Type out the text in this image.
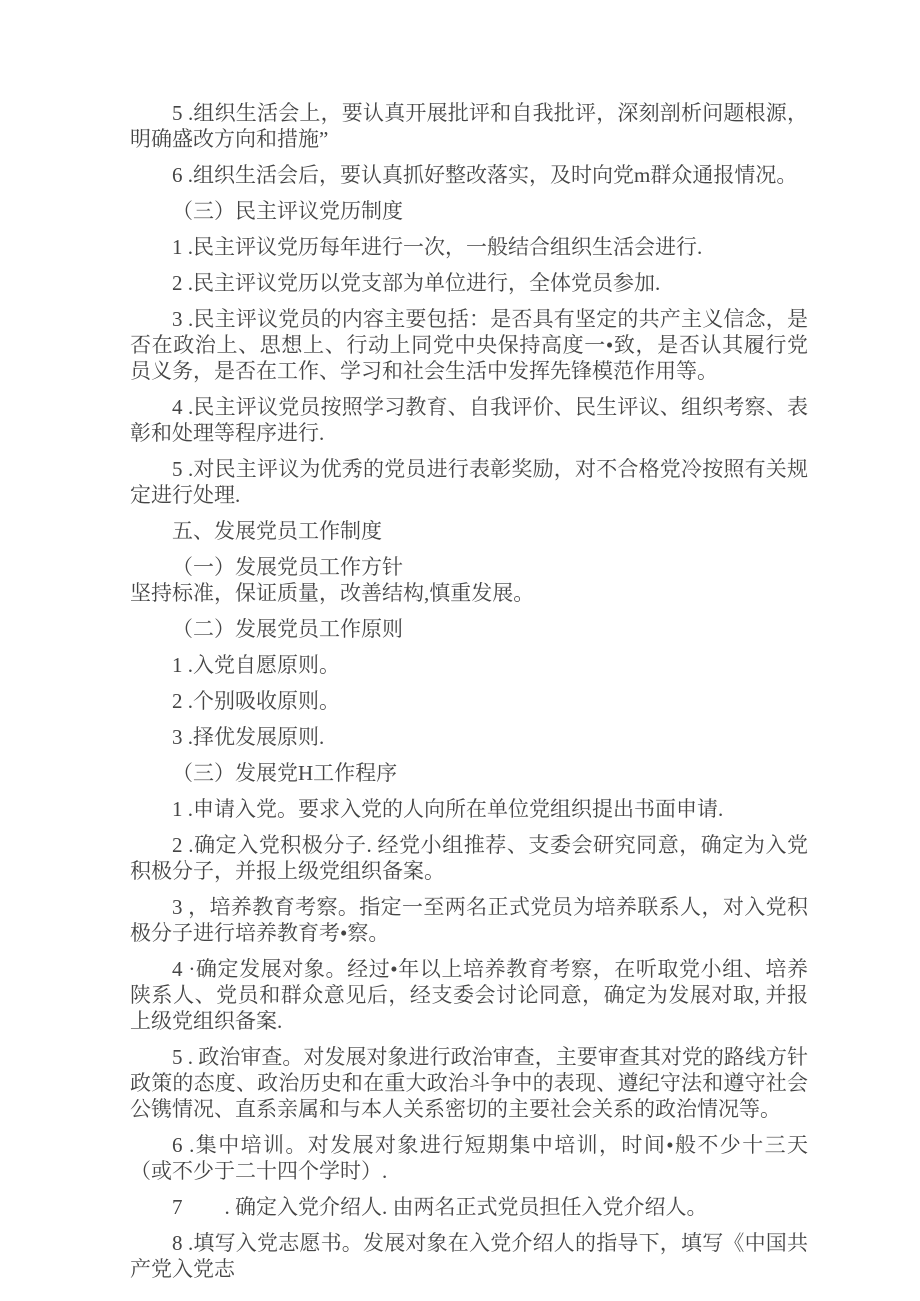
5 .组织生活会上，要认真开展批评和自我批评，深刻剖析问题根源，明确盛改方向和措施”

6 .组织生活会后，要认真抓好整改落实，及时向党m群众通报情况。

（三）民主评议党历制度

1 .民主评议党历每年进行一次，一般结合组织生活会进行.

2 .民主评议党历以党支部为单位进行，全体党员参加.

3 .民主评议党员的内容主要包括：是否具有坚定的共产主义信念，是否在政治上、思想上、行动上同党中央保持高度一•致，是否认其履行党员义务，是否在工作、学习和社会生活中发挥先锋模范作用等。

4 .民主评议党员按照学习教育、自我评价、民生评议、组织考察、表彰和处理等程序进行.

5 .对民主评议为优秀的党员进行表彰奖励，对不合格党冷按照有关规定进行处理.

五、发展党员工作制度

（一）发展党员工作方针

坚持标准，保证质量，改善结构,慎重发展。

（二）发展党员工作原则

1 .入党自愿原则。

2 .个别吸收原则。

3 .择优发展原则.

（三）发展党H工作程序

1 .申请入党。要求入党的人向所在单位党组织提出书面申请.

2 .确定入党积极分子. 经党小组推荐、支委会研究同意，确定为入党积极分子，并报上级党组织备案。

3 ，培养教育考察。指定一至两名正式党员为培养联系人，对入党积极分子进行培养教育考•察。

4 ·确定发展对象。经过•年以上培养教育考察，在听取党小组、培养陕系人、党员和群众意见后，经支委会讨论同意，确定为发展对取, 并报上级党组织备案.

5 . 政治审查。对发展对象进行政治审查，主要审查其对党的路线方针政策的态度、政治历史和在重大政治斗争中的表现、遵纪守法和遵守社会公镌情况、直系亲属和与本人关系密切的主要社会关系的政治情况等。

6 .集中培训。对发展对象进行短期集中培训，时间•般不少十三天（或不少于二十四个学时）.

7　　. 确定入党介绍人. 由两名正式党员担任入党介绍人。

8 .填写入党志愿书。发展对象在入党介绍人的指导下，填写《中国共产党入党志
